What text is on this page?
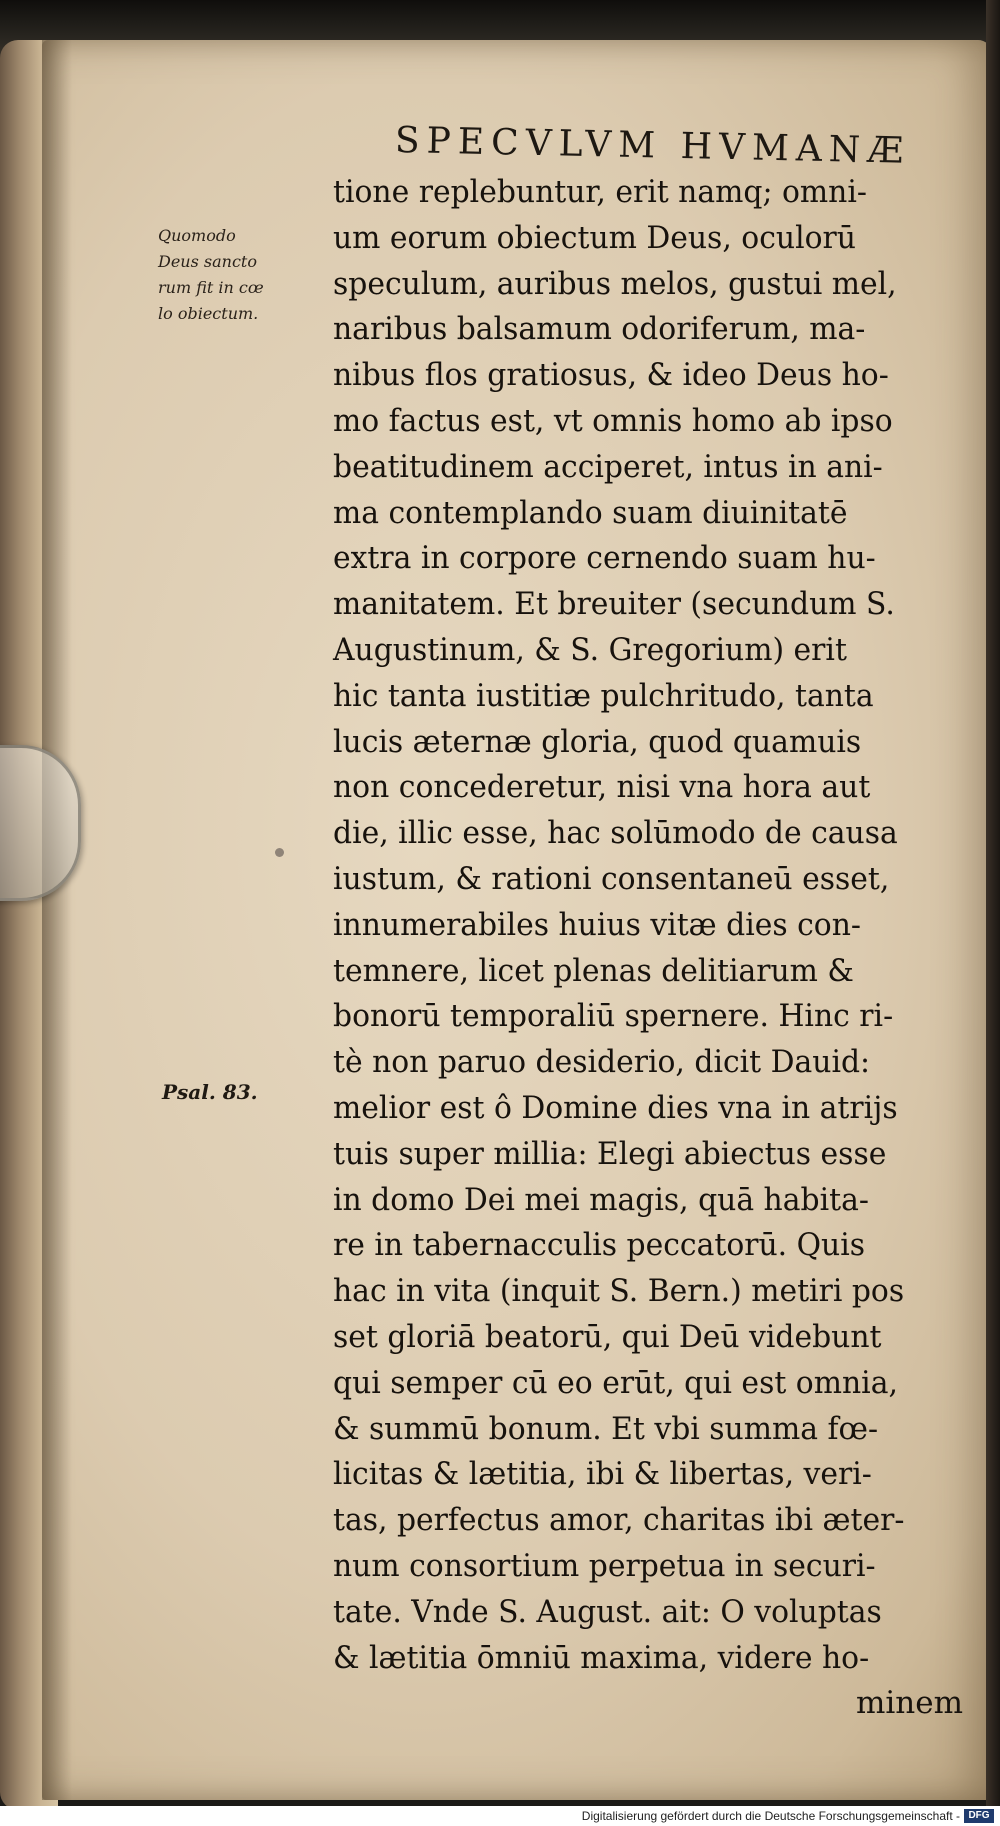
SPECVLVM HVMANÆ
Quomodo
Deus sancto
rum fit in cœ
lo obiectum.
Psal. 83.
tione replebuntur, erit namq; omni-
um eorum obiectum Deus, oculorū
speculum, auribus melos, gustui mel,
naribus balsamum odoriferum, ma-
nibus flos gratiosus, & ideo Deus ho-
mo factus est, vt omnis homo ab ipso
beatitudinem acciperet, intus in ani-
ma contemplando suam diuinitatē
extra in corpore cernendo suam hu-
manitatem. Et breuiter (secundum S.
Augustinum, & S. Gregorium) erit
hic tanta iustitiæ pulchritudo, tanta
lucis æternæ gloria, quod quamuis
non concederetur, nisi vna hora aut
die, illic esse, hac solūmodo de causa
iustum, & rationi consentaneū esset,
innumerabiles huius vitæ dies con-
temnere, licet plenas delitiarum &
bonorū temporaliū spernere. Hinc ri-
tè non paruo desiderio, dicit Dauid:
melior est ô Domine dies vna in atrijs
tuis super millia: Elegi abiectus esse
in domo Dei mei magis, quā habita-
re in tabernacculis peccatorū. Quis
hac in vita (inquit S. Bern.) metiri pos
set gloriā beatorū, qui Deū videbunt
qui semper cū eo erūt, qui est omnia,
& summū bonum. Et vbi summa fœ-
licitas & lætitia, ibi & libertas, veri-
tas, perfectus amor, charitas ibi æter-
num consortium perpetua in securi-
tate. Vnde S. August. ait: O voluptas
& lætitia ōmniū maxima, videre ho-
minem
Digitalisierung gefördert durch die Deutsche Forschungsgemeinschaft - DFG
